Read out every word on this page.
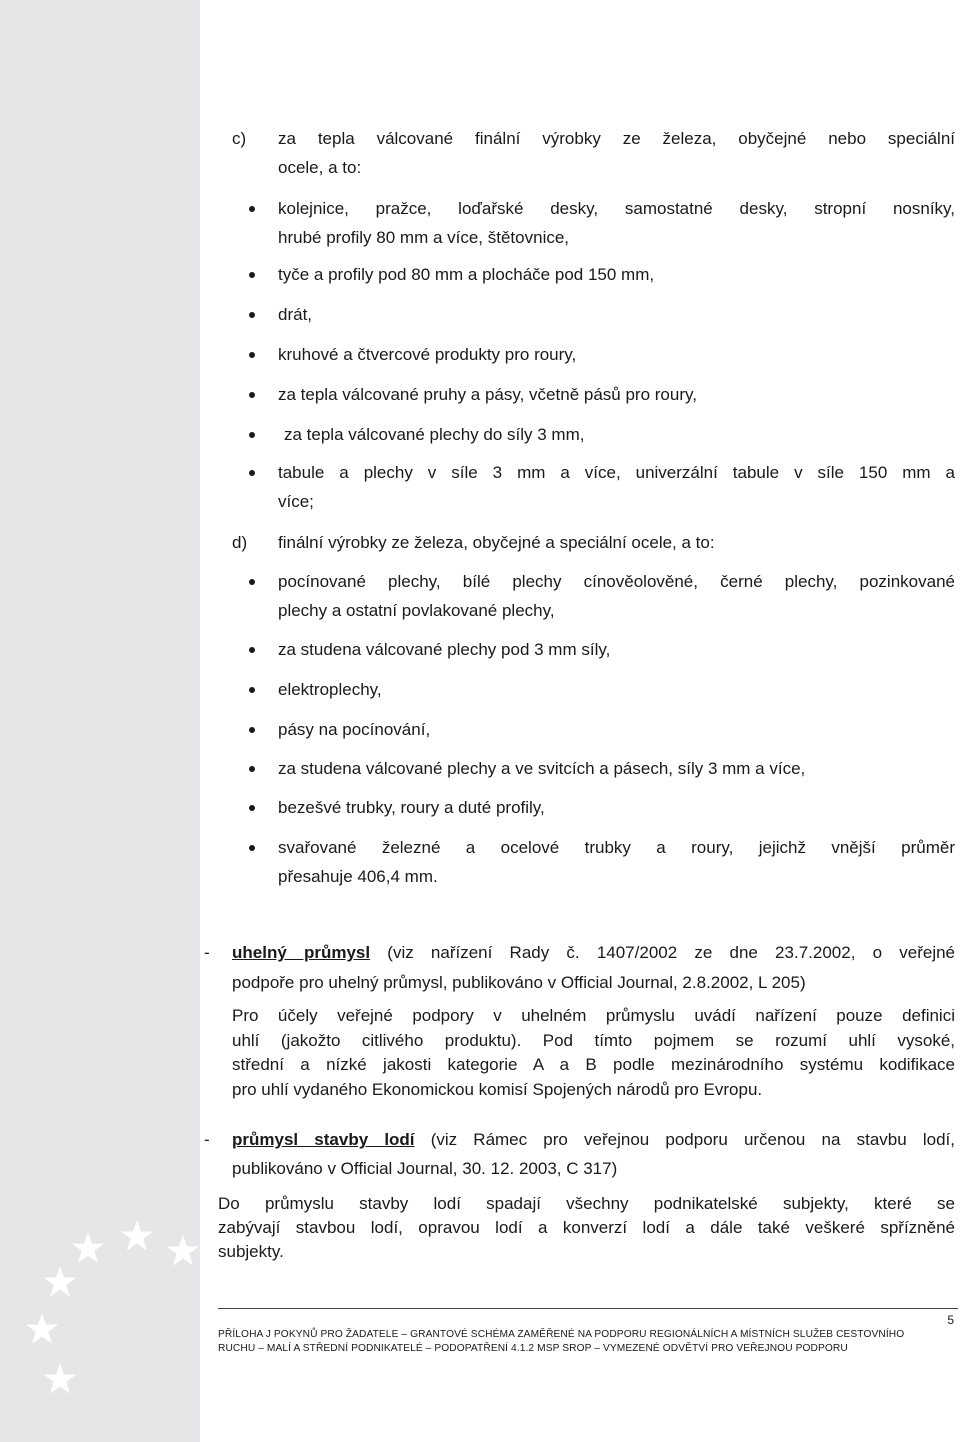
c) za tepla válcované finální výrobky ze železa, obyčejné nebo speciální
ocele, a to:
kolejnice, pražce, loďařské desky, samostatné desky, stropní nosníky,
hrubé profily 80 mm a více, štětovnice,
tyče a profily pod 80 mm a plocháče pod 150 mm,
drát,
kruhové a čtvercové produkty pro roury,
za tepla válcované pruhy a pásy, včetně pásů pro roury,
za tepla válcované plechy do síly 3 mm,
tabule a plechy v síle 3 mm a více, univerzální tabule v síle 150 mm a
více;
d) finální výrobky ze železa, obyčejné a speciální ocele, a to:
pocínované plechy, bílé plechy cínověolověné, černé plechy, pozinkované
plechy a ostatní povlakované plechy,
za studena válcované plechy pod 3 mm síly,
elektroplechy,
pásy na pocínování,
za studena válcované plechy a ve svitcích a pásech, síly 3 mm a více,
bezešvé trubky, roury a duté profily,
svařované železné a ocelové trubky a roury, jejichž vnější průměr
přesahuje 406,4 mm.
- uhelný průmysl (viz nařízení Rady č. 1407/2002 ze dne 23.7.2002, o veřejné
podpoře pro uhelný průmysl, publikováno v Official Journal, 2.8.2002, L 205)
Pro účely veřejné podpory v uhelném průmyslu uvádí nařízení pouze definici
uhlí (jakožto citlivého produktu). Pod tímto pojmem se rozumí uhlí vysoké,
střední a nízké jakosti kategorie A a B podle mezinárodního systému kodifikace
pro uhlí vydaného Ekonomickou komisí Spojených národů pro Evropu.
- průmysl stavby lodí (viz Rámec pro veřejnou podporu určenou na stavbu lodí,
publikováno v Official Journal, 30. 12. 2003, C 317)
Do průmyslu stavby lodí spadají všechny podnikatelské subjekty, které se
zabývají stavbou lodí, opravou lodí a konverzí lodí a dále také veškeré spřízněné
subjekty.
5
PŘÍLOHA J POKYNŮ PRO ŽADATELE – GRANTOVÉ SCHÉMA ZAMĚŘENÉ NA PODPORU REGIONÁLNÍCH A MÍSTNÍCH SLUŽEB CESTOVNÍHO
RUCHU – MALÍ A STŘEDNÍ PODNIKATELÉ – PODOPATŘENÍ 4.1.2 MSP SROP – VYMEZENÉ ODVĚTVÍ PRO VEŘEJNOU PODPORU
